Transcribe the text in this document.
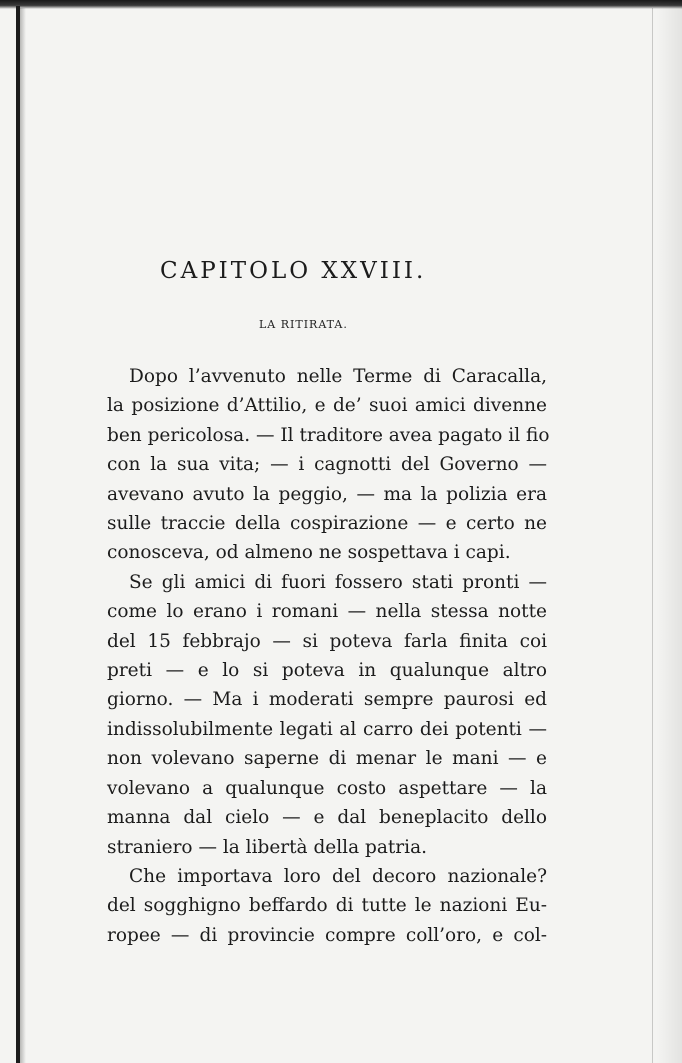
CAPITOLO XXVIII.
LA RITIRATA.

Dopo l’avvenuto nelle Terme di Caracalla,
la posizione d’Attilio, e de’ suoi amici divenne
ben pericolosa. — Il traditore avea pagato il fio
con la sua vita; — i cagnotti del Governo —
avevano avuto la peggio, — ma la polizia era
sulle traccie della cospirazione — e certo ne
conosceva, od almeno ne sospettava i capi.

Se gli amici di fuori fossero stati pronti —
come lo erano i romani — nella stessa notte
del 15 febbrajo — si poteva farla finita coi
preti — e lo si poteva in qualunque altro
giorno. — Ma i moderati sempre paurosi ed
indissolubilmente legati al carro dei potenti —
non volevano saperne di menar le mani — e
volevano a qualunque costo aspettare — la
manna dal cielo — e dal beneplacito dello
straniero — la libertà della patria.

Che importava loro del decoro nazionale?
del sogghigno beffardo di tutte le nazioni Eu-
ropee — di provincie compre coll’oro, e col-
